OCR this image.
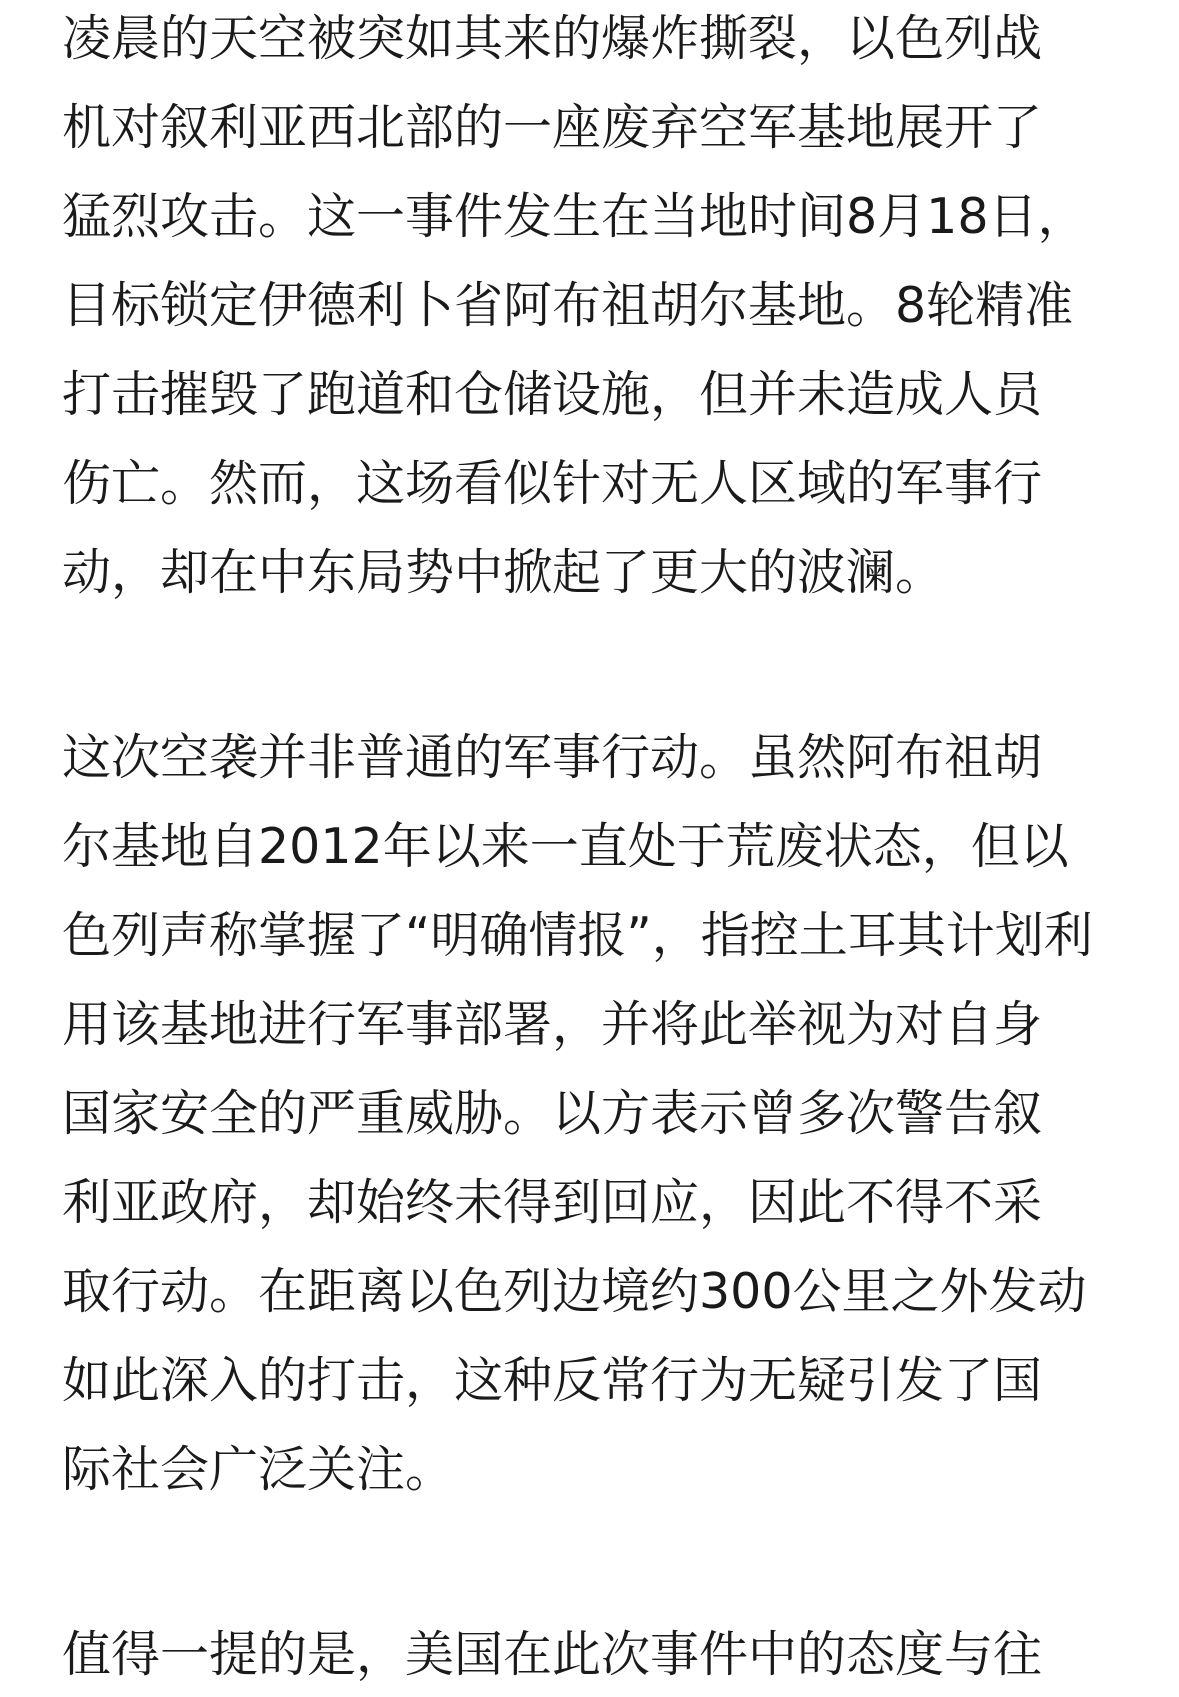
凌晨的天空被突如其来的爆炸撕裂，以色列战
机对叙利亚西北部的一座废弃空军基地展开了
猛烈攻击。这一事件发生在当地时间8月18日，
目标锁定伊德利卜省阿布祖胡尔基地。8轮精准
打击摧毁了跑道和仓储设施，但并未造成人员
伤亡。然而，这场看似针对无人区域的军事行
动，却在中东局势中掀起了更大的波澜。
这次空袭并非普通的军事行动。虽然阿布祖胡
尔基地自2012年以来一直处于荒废状态，但以
色列声称掌握了“明确情报”，指控土耳其计划利
用该基地进行军事部署，并将此举视为对自身
国家安全的严重威胁。以方表示曾多次警告叙
利亚政府，却始终未得到回应，因此不得不采
取行动。在距离以色列边境约300公里之外发动
如此深入的打击，这种反常行为无疑引发了国
际社会广泛关注。
值得一提的是，美国在此次事件中的态度与往
